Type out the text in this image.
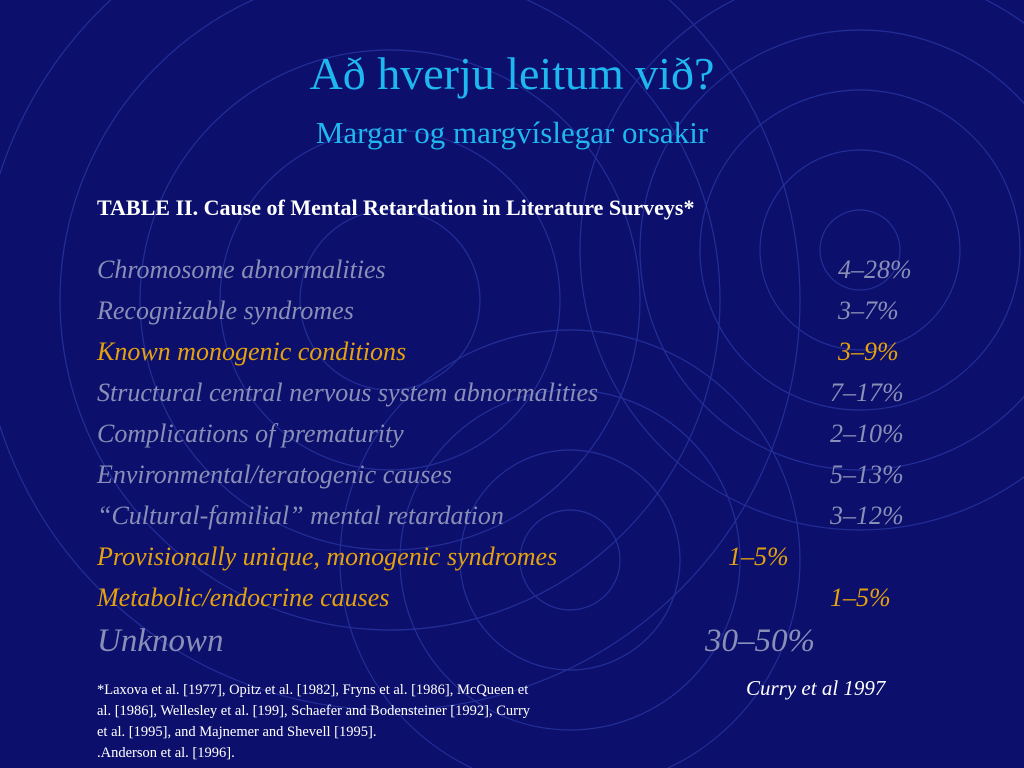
Að hverju leitum við?
Margar og margvíslegar orsakir
TABLE II. Cause of Mental Retardation in Literature Surveys*
Chromosome abnormalities	4–28%
Recognizable syndromes	3–7%
Known monogenic conditions	3–9%
Structural central nervous system abnormalities	7–17%
Complications of prematurity	2–10%
Environmental/teratogenic causes	5–13%
“Cultural-familial” mental retardation	3–12%
Provisionally unique, monogenic syndromes	1–5%
Metabolic/endocrine causes	1–5%
Unknown	30–50%
*Laxova et al. [1977], Opitz et al. [1982], Fryns et al. [1986], McQueen et
al. [1986], Wellesley et al. [199], Schaefer and Bodensteiner [1992], Curry
et al. [1995], and Majnemer and Shevell [1995].
.Anderson et al. [1996].
Curry et al 1997
